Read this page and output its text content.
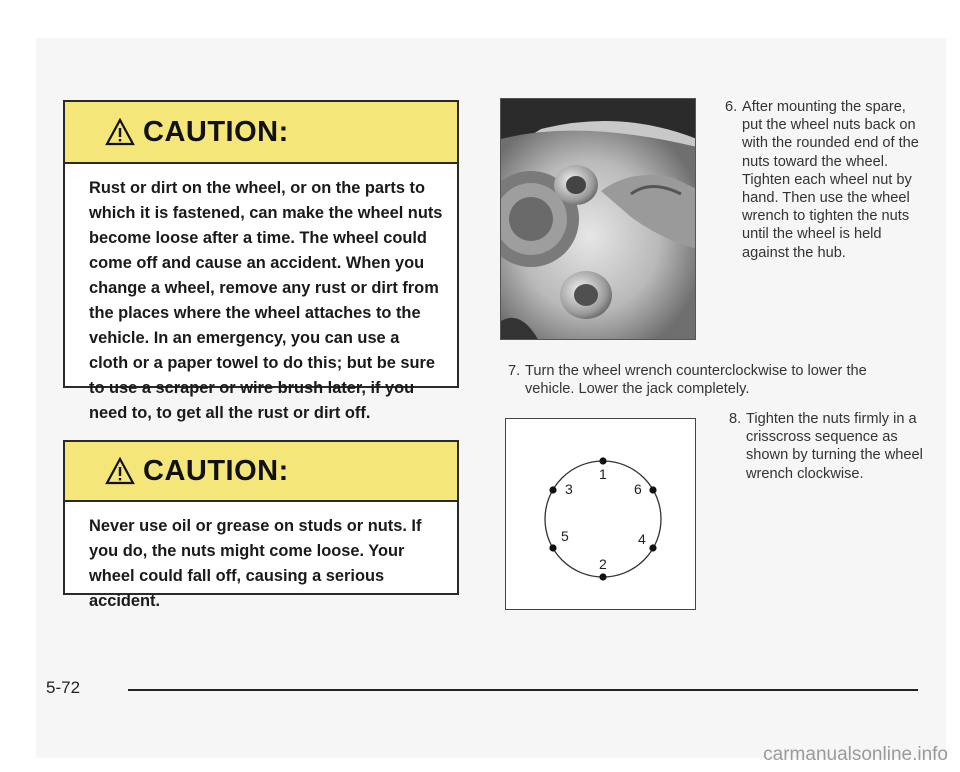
CAUTION:
Rust or dirt on the wheel, or on the parts to which it is fastened, can make the wheel nuts become loose after a time. The wheel could come off and cause an accident. When you change a wheel, remove any rust or dirt from the places where the wheel attaches to the vehicle. In an emergency, you can use a cloth or a paper towel to do this; but be sure to use a scraper or wire brush later, if you need to, to get all the rust or dirt off.
CAUTION:
Never use oil or grease on studs or nuts. If you do, the nuts might come loose. Your wheel could fall off, causing a serious accident.
6. After mounting the spare, put the wheel nuts back on with the rounded end of the nuts toward the wheel. Tighten each wheel nut by hand. Then use the wheel wrench to tighten the nuts until the wheel is held against the hub.
7. Turn the wheel wrench counterclockwise to lower the vehicle. Lower the jack completely.
1
2
3
4
5
6
8. Tighten the nuts firmly in a crisscross sequence as shown by turning the wheel wrench clockwise.
5-72
carmanualsonline.info
